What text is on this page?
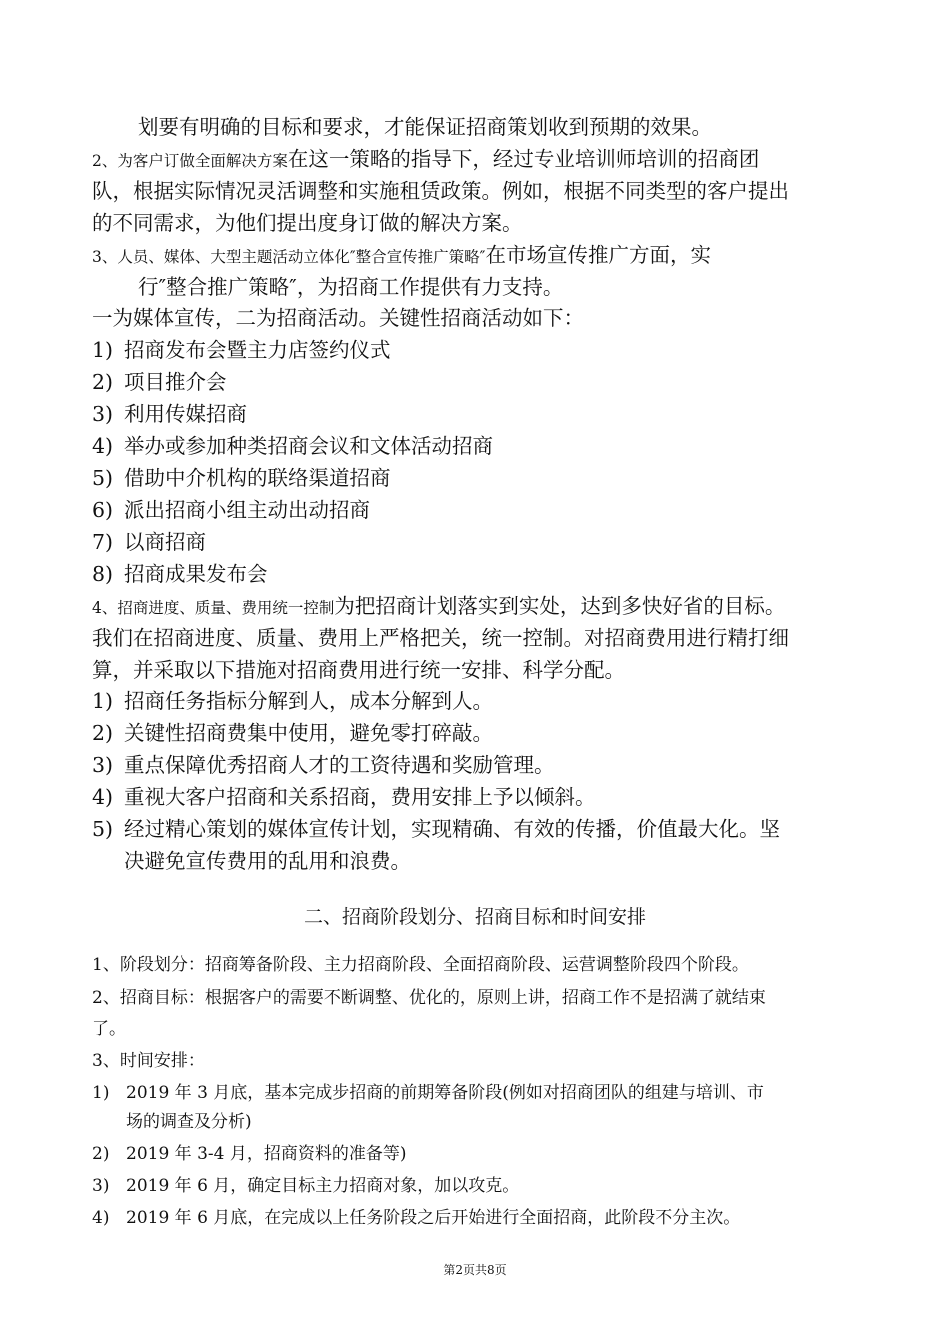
划要有明确的目标和要求，才能保证招商策划收到预期的效果。
2、为客户订做全面解决方案在这一策略的指导下，经过专业培训师培训的招商团
队，根据实际情况灵活调整和实施租赁政策。例如，根据不同类型的客户提出
的不同需求，为他们提出度身订做的解决方案。
3、人员、媒体、大型主题活动立体化″整合宣传推广策略″在市场宣传推广方面，实
行″整合推广策略″，为招商工作提供有力支持。
一为媒体宣传，二为招商活动。关键性招商活动如下：
1) 招商发布会暨主力店签约仪式
2) 项目推介会
3) 利用传媒招商
4) 举办或参加种类招商会议和文体活动招商
5) 借助中介机构的联络渠道招商
6) 派出招商小组主动出动招商
7) 以商招商
8) 招商成果发布会
4、招商进度、质量、费用统一控制为把招商计划落实到实处，达到多快好省的目标。
我们在招商进度、质量、费用上严格把关，统一控制。对招商费用进行精打细
算，并采取以下措施对招商费用进行统一安排、科学分配。
1) 招商任务指标分解到人，成本分解到人。
2) 关键性招商费集中使用，避免零打碎敲。
3) 重点保障优秀招商人才的工资待遇和奖励管理。
4) 重视大客户招商和关系招商，费用安排上予以倾斜。
5) 经过精心策划的媒体宣传计划，实现精确、有效的传播，价值最大化。坚
决避免宣传费用的乱用和浪费。
二、招商阶段划分、招商目标和时间安排
1、阶段划分：招商筹备阶段、主力招商阶段、全面招商阶段、运营调整阶段四个阶段。
2、招商目标：根据客户的需要不断调整、优化的，原则上讲，招商工作不是招满了就结束
了。
3、时间安排：
1) 2019 年 3 月底，基本完成步招商的前期筹备阶段(例如对招商团队的组建与培训、市
场的调查及分析)
2) 2019 年 3-4 月，招商资料的准备等)
3) 2019 年 6 月，确定目标主力招商对象，加以攻克。
4) 2019 年 6 月底，在完成以上任务阶段之后开始进行全面招商，此阶段不分主次。
第2页共8页
